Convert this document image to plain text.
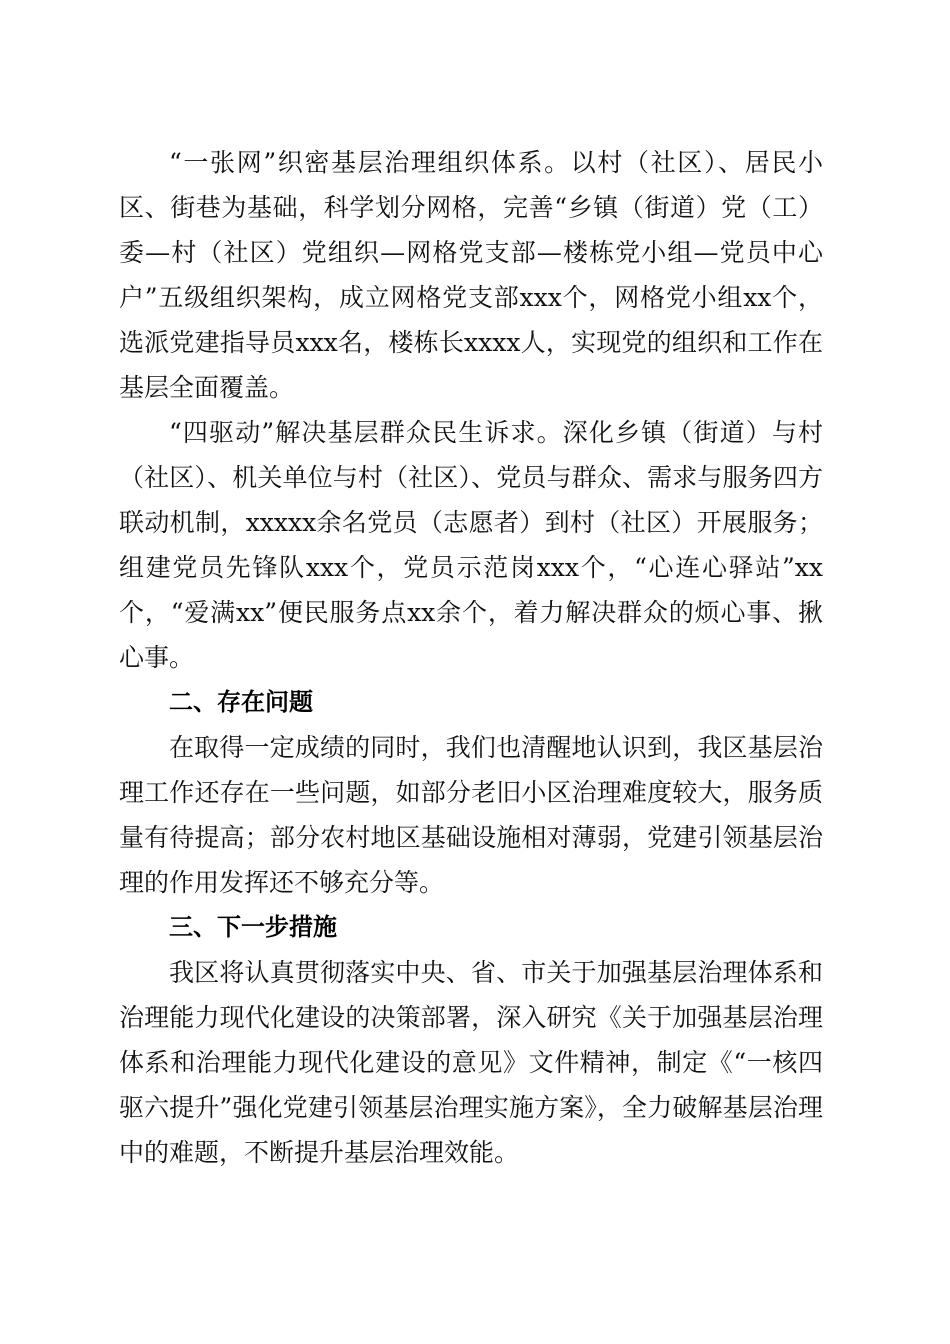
“一张网”织密基层治理组织体系。以村（社区）、居民小区、街巷为基础，科学划分网格，完善“乡镇（街道）党（工）委—村（社区）党组织—网格党支部—楼栋党小组—党员中心户”五级组织架构，成立网格党支部xxx个，网格党小组xx个，选派党建指导员xxx名，楼栋长xxxx人，实现党的组织和工作在基层全面覆盖。

“四驱动”解决基层群众民生诉求。深化乡镇（街道）与村（社区）、机关单位与村（社区）、党员与群众、需求与服务四方联动机制，xxxxx余名党员（志愿者）到村（社区）开展服务；组建党员先锋队xxx个，党员示范岗xxx个，“心连心驿站”xx个，“爱满xx”便民服务点xx余个，着力解决群众的烦心事、揪心事。

二、存在问题

在取得一定成绩的同时，我们也清醒地认识到，我区基层治理工作还存在一些问题，如部分老旧小区治理难度较大，服务质量有待提高；部分农村地区基础设施相对薄弱，党建引领基层治理的作用发挥还不够充分等。

三、下一步措施

我区将认真贯彻落实中央、省、市关于加强基层治理体系和治理能力现代化建设的决策部署，深入研究《关于加强基层治理体系和治理能力现代化建设的意见》文件精神，制定《“一核四驱六提升”强化党建引领基层治理实施方案》，全力破解基层治理中的难题，不断提升基层治理效能。
